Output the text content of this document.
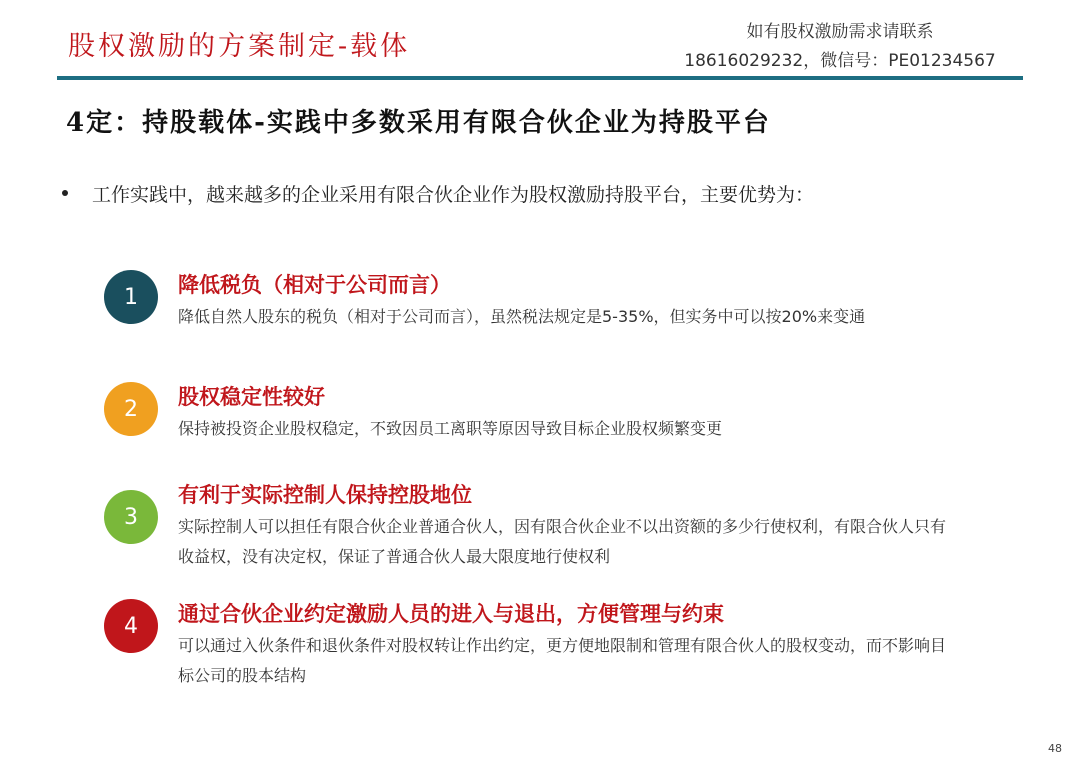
股权激励的方案制定-载体	如有股权激励需求请联系
18616029232，微信号：PE01234567
4定：持股载体-实践中多数采用有限合伙企业为持股平台
工作实践中，越来越多的企业采用有限合伙企业作为股权激励持股平台，主要优势为：
1	降低税负（相对于公司而言）
降低自然人股东的税负（相对于公司而言），虽然税法规定是5-35%，但实务中可以按20%来变通
2	股权稳定性较好
保持被投资企业股权稳定，不致因员工离职等原因导致目标企业股权频繁变更
3
有利于实际控制人保持控股地位
实际控制人可以担任有限合伙企业普通合伙人，因有限合伙企业不以出资额的多少行使权利，有限合伙人只有收益权，没有决定权，保证了普通合伙人最大限度地行使权利
4	通过合伙企业约定激励人员的进入与退出，方便管理与约束
可以通过入伙条件和退伙条件对股权转让作出约定，更方便地限制和管理有限合伙人的股权变动，而不影响目标公司的股本结构
48
